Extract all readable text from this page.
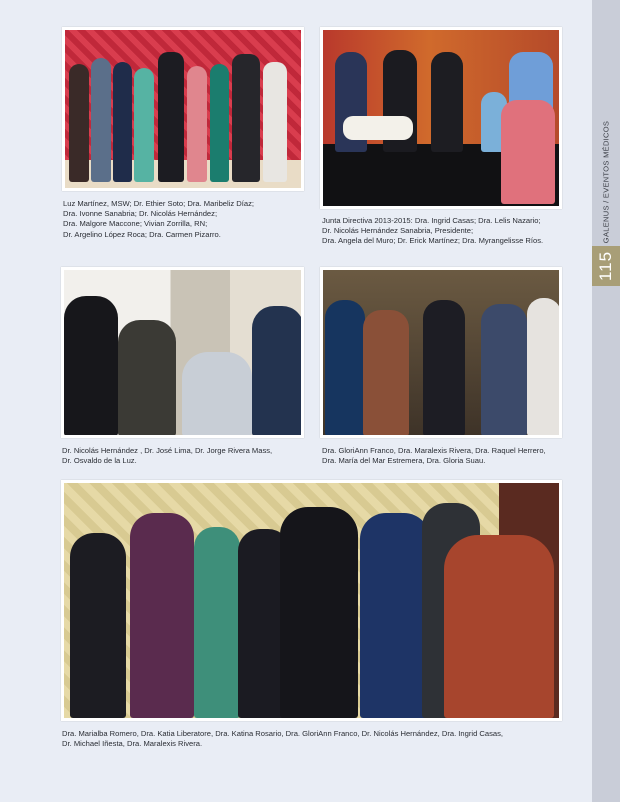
GALENUS / EVENTOS MÉDICOS
115
Luz Martínez, MSW; Dr. Ethier Soto; Dra. Maribeliz Díaz;
Dra. Ivonne Sanabria; Dr. Nicolás Hernández;
Dra. Malgore Maccone; Vivian Zorrilla, RN;
Dr. Argelino López Roca; Dra. Carmen Pizarro.
Junta Directiva 2013-2015: Dra. Ingrid Casas; Dra. Lelis Nazario;
Dr. Nicolás Hernández Sanabria, Presidente;
Dra. Angela del Muro; Dr. Erick Martínez; Dra. Myrangelisse Ríos.
Dr. Nicolás Hernández , Dr. José Lima, Dr. Jorge Rivera Mass,
Dr. Osvaldo de la Luz.
Dra. GloriAnn Franco, Dra. Maralexis Rivera, Dra. Raquel Herrero,
Dra. María del Mar Estremera, Dra. Gloria Suau.
Dra. Marialba Romero, Dra. Katia Liberatore, Dra. Katina Rosario, Dra. GloriAnn Franco, Dr. Nicolás Hernández, Dra. Ingrid Casas,
Dr. Michael Iñesta, Dra. Maralexis Rivera.
